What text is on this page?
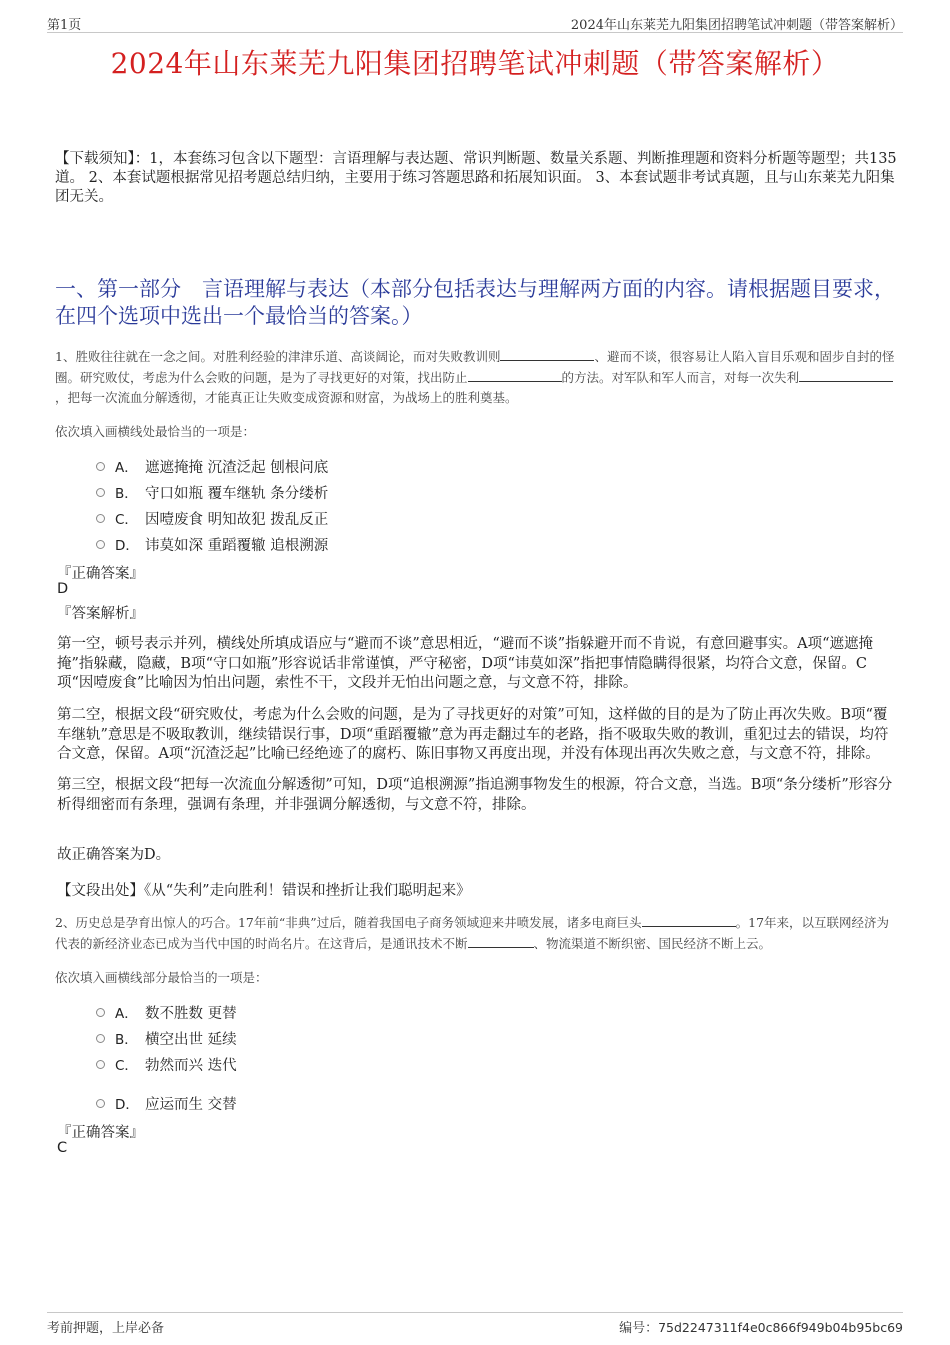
第1页	2024年山东莱芜九阳集团招聘笔试冲刺题（带答案解析）
2024年山东莱芜九阳集团招聘笔试冲刺题（带答案解析）
【下载须知】：1，本套练习包含以下题型：言语理解与表达题、常识判断题、数量关系题、判断推理题和资料分析题等题型；共135道。 2、本套试题根据常见招考题总结归纳，主要用于练习答题思路和拓展知识面。 3、本套试题非考试真题，且与山东莱芜九阳集团无关。
一、第一部分　言语理解与表达（本部分包括表达与理解两方面的内容。请根据题目要求，在四个选项中选出一个最恰当的答案。）
1、胜败往往就在一念之间。对胜利经验的津津乐道、高谈阔论，而对失败教训则	、避而不谈，很容易让人陷入盲目乐观和固步自封的怪圈。研究败仗，考虑为什么会败的问题，是为了寻找更好的对策，找出防止	的方法。对军队和军人而言，对每一次失利，把每一次流血分解透彻，才能真正让失败变成资源和财富，为战场上的胜利奠基。
依次填入画横线处最恰当的一项是：
A． 遮遮掩掩 沉渣泛起 刨根问底
B． 守口如瓶 覆车继轨 条分缕析
C． 因噎废食 明知故犯 拨乱反正
D． 讳莫如深 重蹈覆辙 追根溯源
『正确答案』
D
『答案解析』
第一空，顿号表示并列，横线处所填成语应与“避而不谈”意思相近，“避而不谈”指躲避开而不肯说，有意回避事实。A项“遮遮掩掩”指躲藏，隐藏，B项“守口如瓶”形容说话非常谨慎，严守秘密，D项“讳莫如深”指把事情隐瞒得很紧，均符合文意，保留。C项“因噎废食”比喻因为怕出问题，索性不干，文段并无怕出问题之意，与文意不符，排除。
第二空，根据文段“研究败仗，考虑为什么会败的问题，是为了寻找更好的对策”可知，这样做的目的是为了防止再次失败。B项“覆车继轨”意思是不吸取教训，继续错误行事，D项“重蹈覆辙”意为再走翻过车的老路，指不吸取失败的教训，重犯过去的错误，均符合文意，保留。A项“沉渣泛起”比喻已经绝迹了的腐朽、陈旧事物又再度出现，并没有体现出再次失败之意，与文意不符，排除。
第三空，根据文段“把每一次流血分解透彻”可知，D项“追根溯源”指追溯事物发生的根源，符合文意，当选。B项“条分缕析”形容分析得细密而有条理，强调有条理，并非强调分解透彻，与文意不符，排除。
故正确答案为D。
【文段出处】《从“失利”走向胜利！错误和挫折让我们聪明起来》
2、历史总是孕育出惊人的巧合。17年前“非典”过后，随着我国电子商务领域迎来井喷发展，诸多电商巨头	。17年来，以互联网经济为代表的新经济业态已成为当代中国的时尚名片。在这背后，是通讯技术不断	、物流渠道不断织密、国民经济不断上云。
依次填入画横线部分最恰当的一项是：
A． 数不胜数 更替
B． 横空出世 延续
C． 勃然而兴 迭代
D． 应运而生 交替
『正确答案』
C
考前押题，上岸必备	编号：75d2247311f4e0c866f949b04b95bc69
